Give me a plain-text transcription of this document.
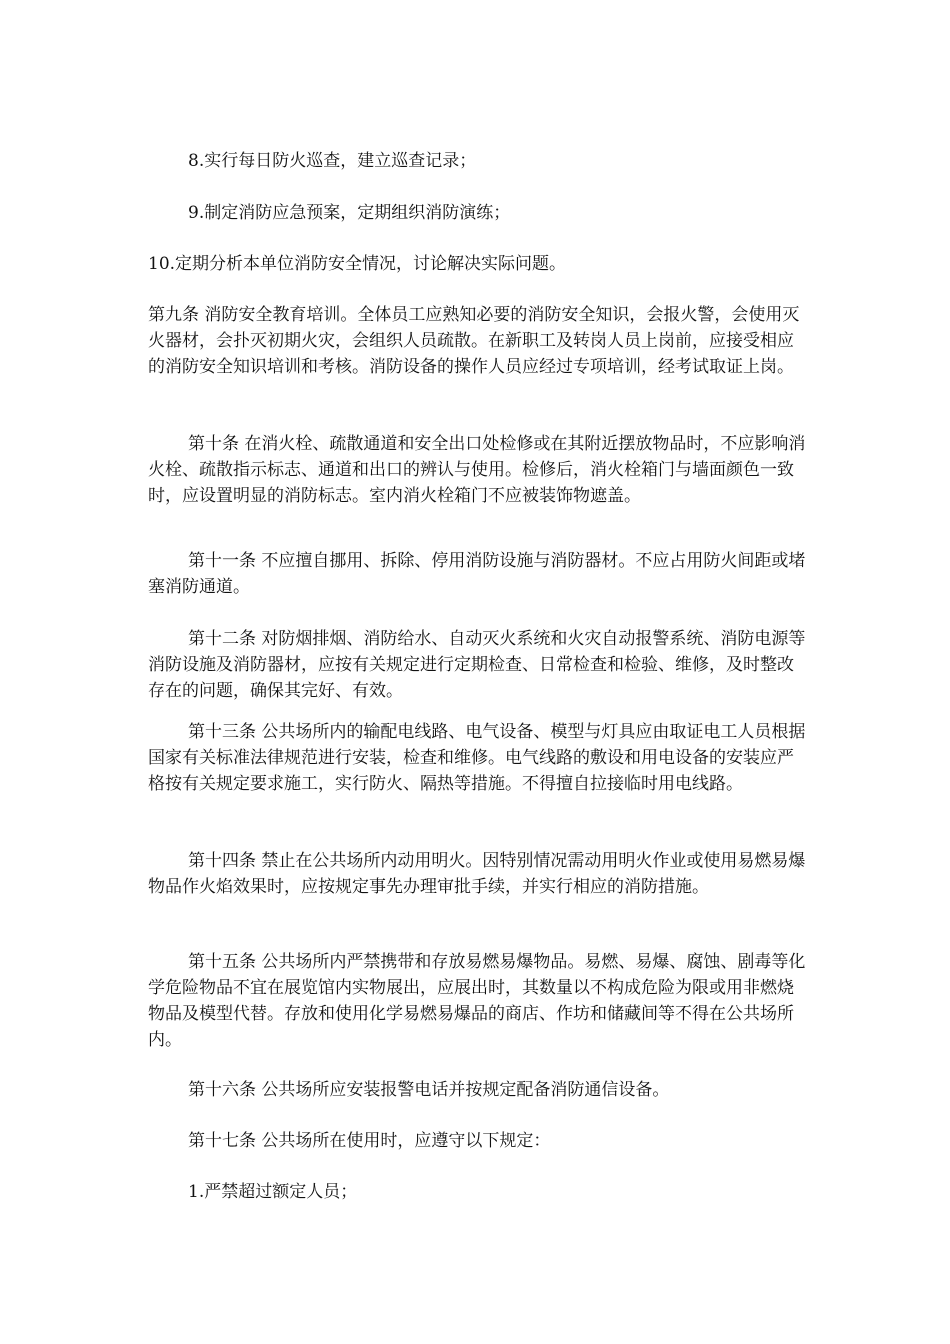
8.实行每日防火巡查，建立巡查记录；

9.制定消防应急预案，定期组织消防演练；

10.定期分析本单位消防安全情况，讨论解决实际问题。

第九条 消防安全教育培训。全体员工应熟知必要的消防安全知识，会报火警，会使用灭火器材，会扑灭初期火灾，会组织人员疏散。在新职工及转岗人员上岗前，应接受相应的消防安全知识培训和考核。消防设备的操作人员应经过专项培训，经考试取证上岗。

第十条 在消火栓、疏散通道和安全出口处检修或在其附近摆放物品时，不应影响消火栓、疏散指示标志、通道和出口的辨认与使用。检修后，消火栓箱门与墙面颜色一致时，应设置明显的消防标志。室内消火栓箱门不应被装饰物遮盖。

第十一条 不应擅自挪用、拆除、停用消防设施与消防器材。不应占用防火间距或堵塞消防通道。

第十二条 对防烟排烟、消防给水、自动灭火系统和火灾自动报警系统、消防电源等消防设施及消防器材，应按有关规定进行定期检查、日常检查和检验、维修，及时整改存在的问题，确保其完好、有效。

第十三条 公共场所内的输配电线路、电气设备、模型与灯具应由取证电工人员根据国家有关标准法律规范进行安装，检查和维修。电气线路的敷设和用电设备的安装应严格按有关规定要求施工，实行防火、隔热等措施。不得擅自拉接临时用电线路。

第十四条 禁止在公共场所内动用明火。因特别情况需动用明火作业或使用易燃易爆物品作火焰效果时，应按规定事先办理审批手续，并实行相应的消防措施。

第十五条 公共场所内严禁携带和存放易燃易爆物品。易燃、易爆、腐蚀、剧毒等化学危险物品不宜在展览馆内实物展出，应展出时，其数量以不构成危险为限或用非燃烧物品及模型代替。存放和使用化学易燃易爆品的商店、作坊和储藏间等不得在公共场所内。

第十六条 公共场所应安装报警电话并按规定配备消防通信设备。

第十七条 公共场所在使用时，应遵守以下规定：

1.严禁超过额定人员；
